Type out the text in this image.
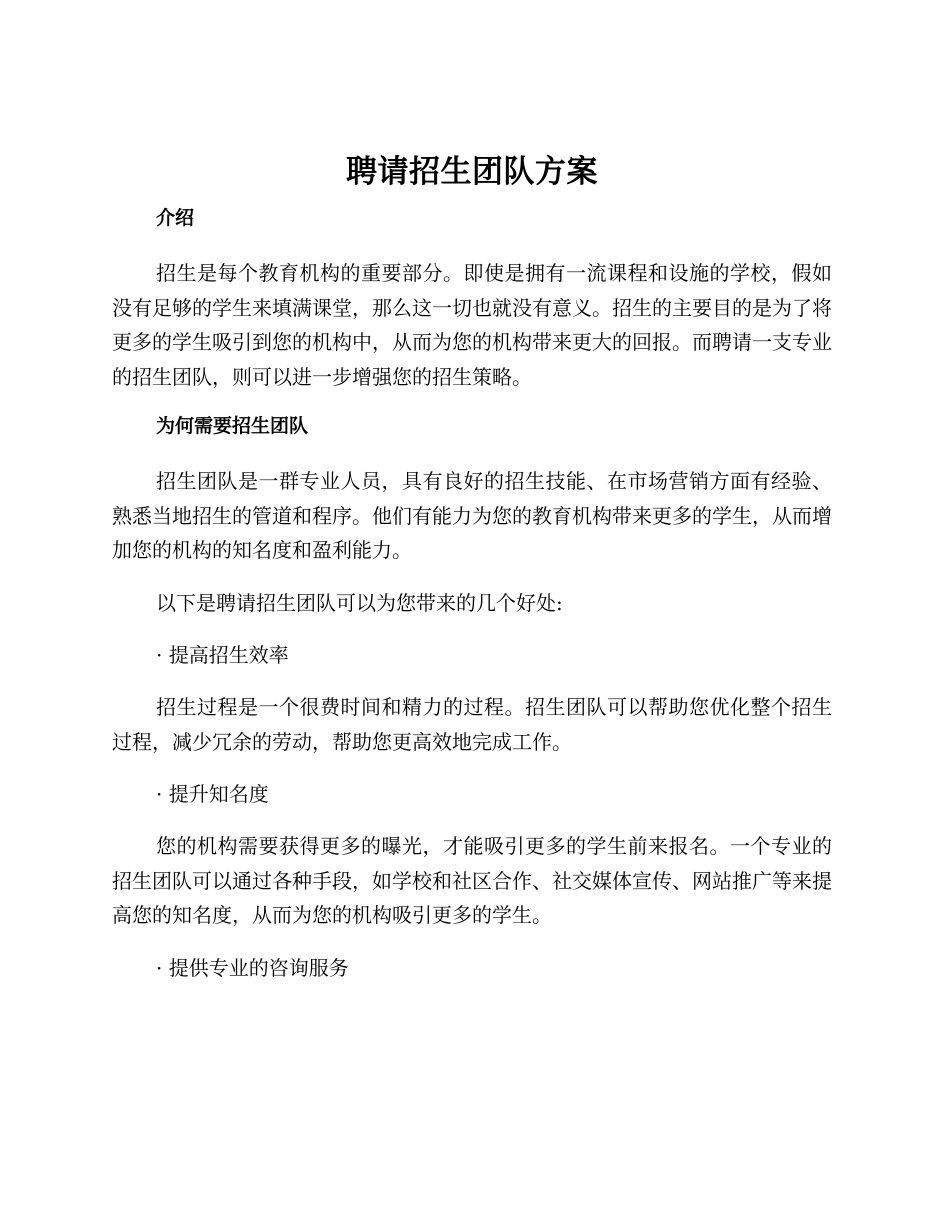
聘请招生团队方案
介绍

招生是每个教育机构的重要部分。即使是拥有一流课程和设施的学校，假如没有足够的学生来填满课堂，那么这一切也就没有意义。招生的主要目的是为了将更多的学生吸引到您的机构中，从而为您的机构带来更大的回报。而聘请一支专业的招生团队，则可以进一步增强您的招生策略。

为何需要招生团队

招生团队是一群专业人员，具有良好的招生技能、在市场营销方面有经验、熟悉当地招生的管道和程序。他们有能力为您的教育机构带来更多的学生，从而增加您的机构的知名度和盈利能力。

以下是聘请招生团队可以为您带来的几个好处:

· 提高招生效率

招生过程是一个很费时间和精力的过程。招生团队可以帮助您优化整个招生过程，减少冗余的劳动，帮助您更高效地完成工作。

· 提升知名度

您的机构需要获得更多的曝光，才能吸引更多的学生前来报名。一个专业的招生团队可以通过各种手段，如学校和社区合作、社交媒体宣传、网站推广等来提高您的知名度，从而为您的机构吸引更多的学生。

· 提供专业的咨询服务
